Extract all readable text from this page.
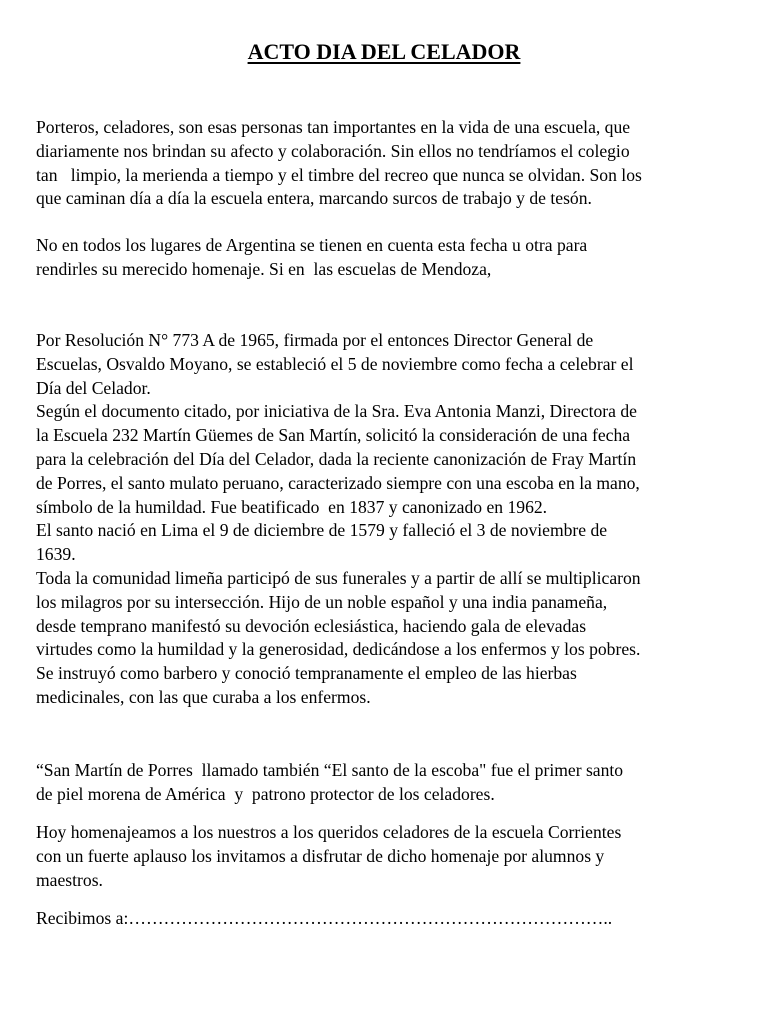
ACTO DIA DEL CELADOR
Porteros, celadores, son esas personas tan importantes en la vida de una escuela, que
diariamente nos brindan su afecto y colaboración. Sin ellos no tendríamos el colegio
tan   limpio, la merienda a tiempo y el timbre del recreo que nunca se olvidan. Son los
que caminan día a día la escuela entera, marcando surcos de trabajo y de tesón.
No en todos los lugares de Argentina se tienen en cuenta esta fecha u otra para
rendirles su merecido homenaje. Si en  las escuelas de Mendoza,
Por Resolución N° 773 A de 1965, firmada por el entonces Director General de
Escuelas, Osvaldo Moyano, se estableció el 5 de noviembre como fecha a celebrar el
Día del Celador.
Según el documento citado, por iniciativa de la Sra. Eva Antonia Manzi, Directora de
la Escuela 232 Martín Güemes de San Martín, solicitó la consideración de una fecha
para la celebración del Día del Celador, dada la reciente canonización de Fray Martín
de Porres, el santo mulato peruano, caracterizado siempre con una escoba en la mano,
símbolo de la humildad. Fue beatificado  en 1837 y canonizado en 1962.
El santo nació en Lima el 9 de diciembre de 1579 y falleció el 3 de noviembre de
1639.
Toda la comunidad limeña participó de sus funerales y a partir de allí se multiplicaron
los milagros por su intersección. Hijo de un noble español y una india panameña,
desde temprano manifestó su devoción eclesiástica, haciendo gala de elevadas
virtudes como la humildad y la generosidad, dedicándose a los enfermos y los pobres.
Se instruyó como barbero y conoció tempranamente el empleo de las hierbas
medicinales, con las que curaba a los enfermos.
“San Martín de Porres  llamado también “El santo de la escoba" fue el primer santo
de piel morena de América  y  patrono protector de los celadores.
Hoy homenajeamos a los nuestros a los queridos celadores de la escuela Corrientes
con un fuerte aplauso los invitamos a disfrutar de dicho homenaje por alumnos y
maestros.
Recibimos a:………………………………………………………………………..
